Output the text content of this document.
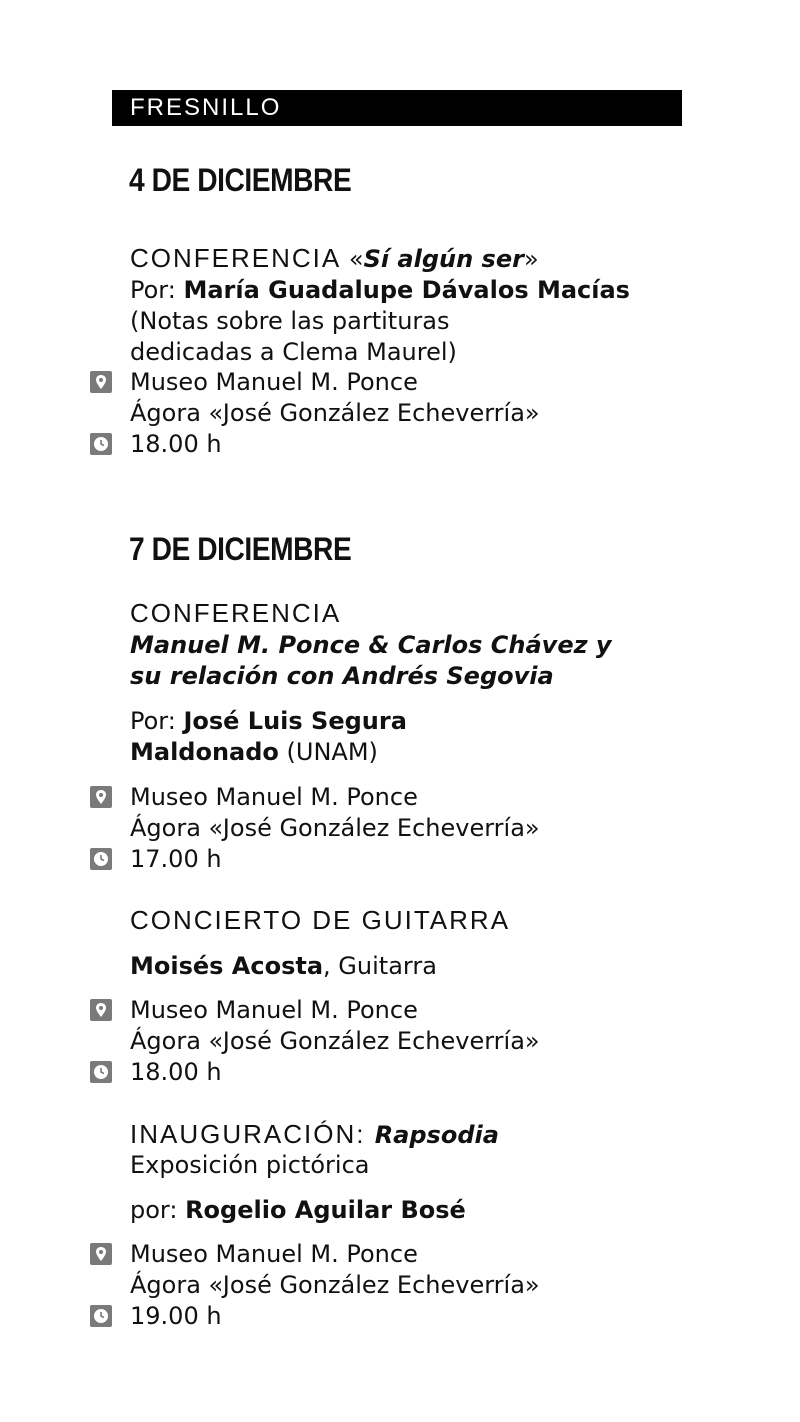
FRESNILLO
4 DE DICIEMBRE
CONFERENCIA «Sí algún ser»
Por: María Guadalupe Dávalos Macías
(Notas sobre las partituras
dedicadas a Clema Maurel)
Museo Manuel M. Ponce
Ágora «José González Echeverría»
18.00 h
7 DE DICIEMBRE
CONFERENCIA
Manuel M. Ponce & Carlos Chávez y
su relación con Andrés Segovia
Por: José Luis Segura
Maldonado (UNAM)
Museo Manuel M. Ponce
Ágora «José González Echeverría»
17.00 h
CONCIERTO DE GUITARRA
Moisés Acosta, Guitarra
Museo Manuel M. Ponce
Ágora «José González Echeverría»
18.00 h
INAUGURACIÓN: Rapsodia
Exposición pictórica
por: Rogelio Aguilar Bosé
Museo Manuel M. Ponce
Ágora «José González Echeverría»
19.00 h
